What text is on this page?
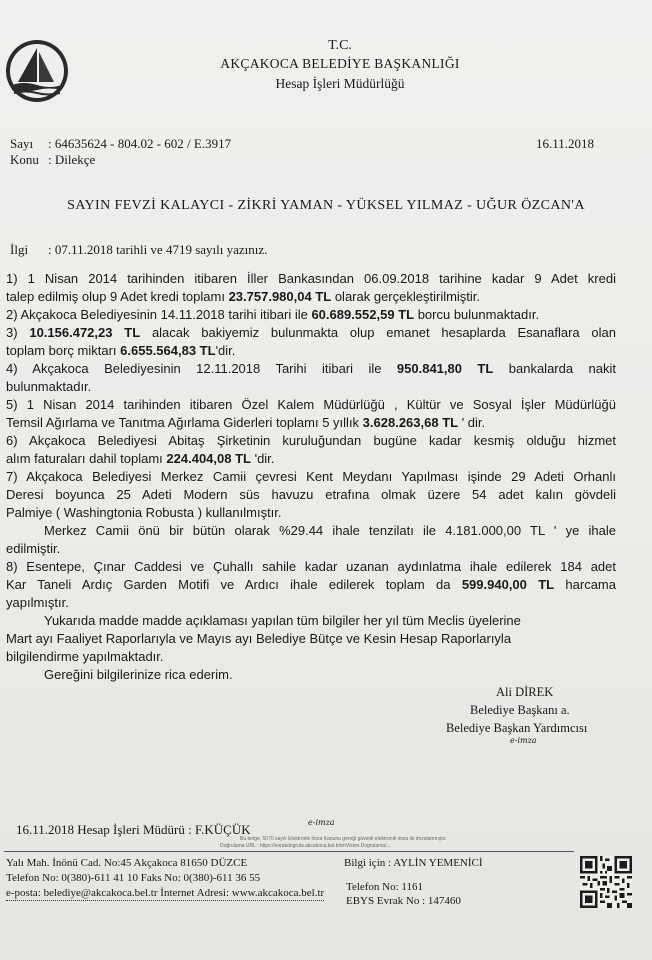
T.C.
AKÇAKOCA BELEDİYE BAŞKANLIĞI
Hesap İşleri Müdürlüğü
Sayı : 64635624 - 804.02 - 602 / E.3917	16.11.2018
Konu : Dilekçe
SAYIN FEVZİ KALAYCI - ZİKRİ YAMAN - YÜKSEL YILMAZ - UĞUR ÖZCAN'A
İlgi : 07.11.2018 tarihli ve 4719 sayılı yazınız.

1) 1 Nisan 2014 tarihinden itibaren İller Bankasından 06.09.2018 tarihine kadar 9 Adet kredi

talep edilmiş olup 9 Adet kredi toplamı 23.757.980,04 TL olarak gerçekleştirilmiştir.

2) Akçakoca Belediyesinin 14.11.2018 tarihi itibari ile 60.689.552,59 TL borcu bulunmaktadır.

3) 10.156.472,23 TL alacak bakiyemiz bulunmakta olup emanet hesaplarda Esanaflara olan

toplam borç miktarı 6.655.564,83 TL'dir.

4) Akçakoca Belediyesinin 12.11.2018 Tarihi itibari ile 950.841,80 TL bankalarda nakit

bulunmaktadır.

5) 1 Nisan 2014 tarihinden itibaren Özel Kalem Müdürlüğü , Kültür ve Sosyal İşler Müdürlüğü

Temsil Ağırlama ve Tanıtma Ağırlama Giderleri toplamı 5 yıllık 3.628.263,68 TL ' dir.

6) Akçakoca Belediyesi Abitaş Şirketinin kuruluğundan bugüne kadar kesmiş olduğu hizmet

alım faturaları dahil toplamı 224.404,08 TL 'dir.

7) Akçakoca Belediyesi Merkez Camii çevresi Kent Meydanı Yapılması işinde 29 Adeti Orhanlı

Deresi boyunca 25 Adeti Modern süs havuzu etrafına olmak üzere 54 adet kalın gövdeli

Palmiye ( Washingtonia Robusta ) kullanılmıştır.

Merkez Camii önü bir bütün olarak %29.44 ihale tenzilatı ile 4.181.000,00 TL ' ye ihale

edilmiştir.

8) Esentepe, Çınar Caddesi ve Çuhallı sahile kadar uzanan aydınlatma ihale edilerek 184 adet

Kar Taneli Ardıç Garden Motifi ve Ardıcı ihale edilerek toplam da 599.940,00 TL harcama

yapılmıştır.

Yukarıda madde madde açıklaması yapılan tüm bilgiler her yıl tüm Meclis üyelerine

Mart ayı Faaliyet Raporlarıyla ve Mayıs ayı Belediye Bütçe ve Kesin Hesap Raporlarıyla

bilgilendirme yapılmaktadır.

Gereğini bilgilerinize rica ederim.

Ali DİREK
Belediye Başkanı a.
Belediye Başkan Yardımcısı
e-imza
16.11.2018 Hesap İşleri Müdürü : F.KÜÇÜK	e-imza
Bu belge, 5070 sayılı Elektronik İmza Kanunu gereği güvenli elektronik imza ile imzalanmıştır.
Doğrulama URL : https://evrakdogrula.akcakoca.bel.tr/enVision.Dogrulama/...
Yalı Mah. İnönü Cad. No:45 Akçakoca 81650 DÜZCE
Telefon No: 0(380)-611 41 10 Faks No: 0(380)-611 36 55
e-posta: belediye@akcakoca.bel.tr İnternet Adresi: www.akcakoca.bel.tr
Bilgi için : AYLİN YEMENİCİ
Telefon No: 1161
EBYS Evrak No : 147460
